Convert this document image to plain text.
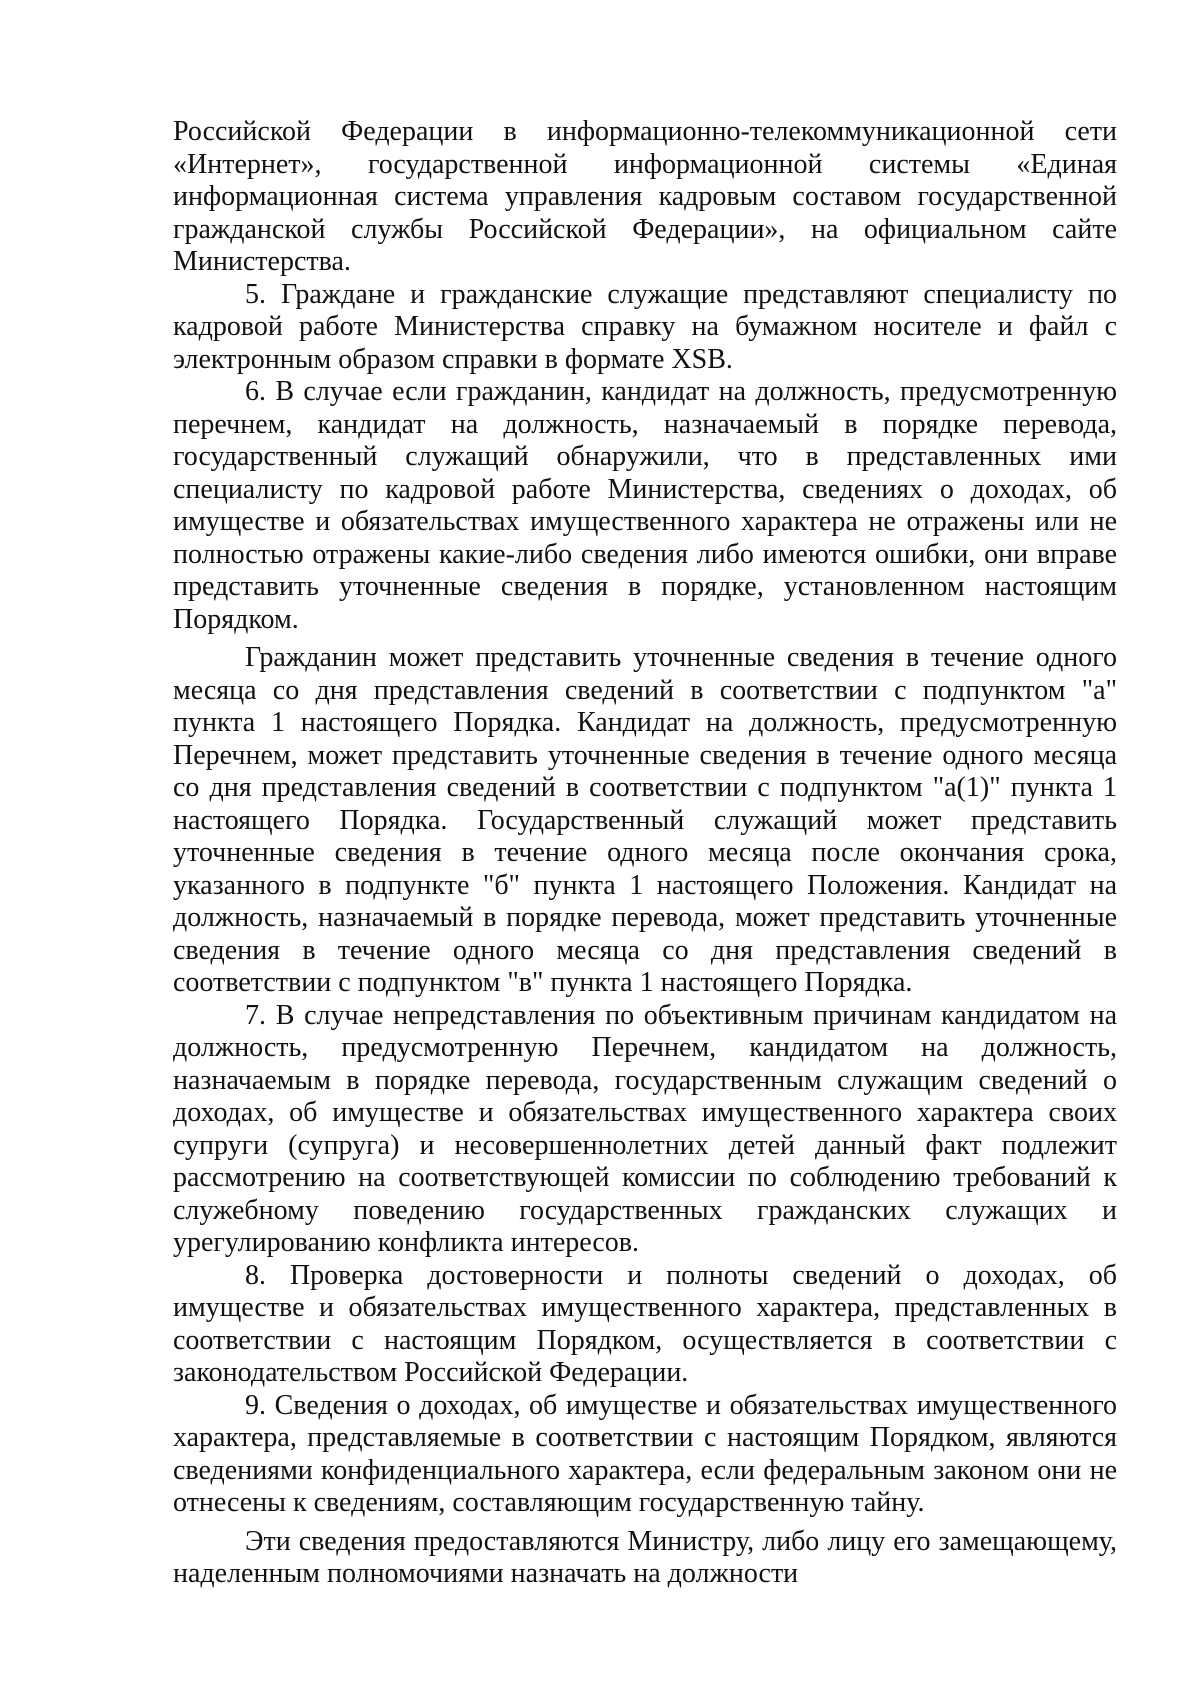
Российской Федерации в информационно-телекоммуникационной сети «Интернет», государственной информационной системы «Единая информационная система управления кадровым составом государственной гражданской службы Российской Федерации», на официальном сайте Министерства.

5. Граждане и гражданские служащие представляют специалисту по кадровой работе Министерства справку на бумажном носителе и файл с электронным образом справки в формате XSB.

6. В случае если гражданин, кандидат на должность, предусмотренную перечнем, кандидат на должность, назначаемый в порядке перевода, государственный служащий обнаружили, что в представленных ими специалисту по кадровой работе Министерства, сведениях о доходах, об имуществе и обязательствах имущественного характера не отражены или не полностью отражены какие-либо сведения либо имеются ошибки, они вправе представить уточненные сведения в порядке, установленном настоящим Порядком.

Гражданин может представить уточненные сведения в течение одного месяца со дня представления сведений в соответствии с подпунктом "а" пункта 1 настоящего Порядка. Кандидат на должность, предусмотренную Перечнем, может представить уточненные сведения в течение одного месяца со дня представления сведений в соответствии с подпунктом "а(1)" пункта 1 настоящего Порядка. Государственный служащий может представить уточненные сведения в течение одного месяца после окончания срока, указанного в подпункте "б" пункта 1 настоящего Положения. Кандидат на должность, назначаемый в порядке перевода, может представить уточненные сведения в течение одного месяца со дня представления сведений в соответствии с подпунктом "в" пункта 1 настоящего Порядка.

7. В случае непредставления по объективным причинам кандидатом на должность, предусмотренную Перечнем, кандидатом на должность, назначаемым в порядке перевода, государственным служащим сведений о доходах, об имуществе и обязательствах имущественного характера своих супруги (супруга) и несовершеннолетних детей данный факт подлежит рассмотрению на соответствующей комиссии по соблюдению требований к служебному поведению государственных гражданских служащих и урегулированию конфликта интересов.

8. Проверка достоверности и полноты сведений о доходах, об имуществе и обязательствах имущественного характера, представленных в соответствии с настоящим Порядком, осуществляется в соответствии с законодательством Российской Федерации.

9. Сведения о доходах, об имуществе и обязательствах имущественного характера, представляемые в соответствии с настоящим Порядком, являются сведениями конфиденциального характера, если федеральным законом они не отнесены к сведениям, составляющим государственную тайну.

Эти сведения предоставляются Министру, либо лицу его замещающему, наделенным полномочиями назначать на должности
